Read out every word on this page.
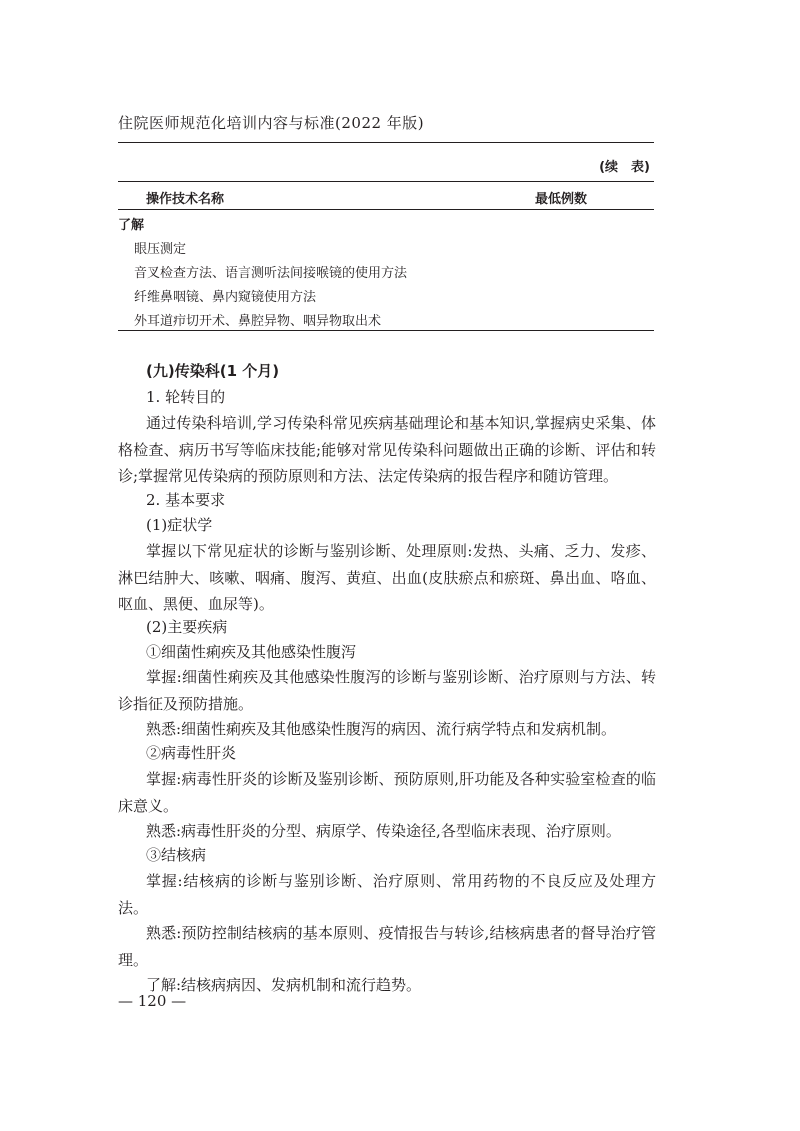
住院医师规范化培训内容与标准(2022 年版)
(续　表)
操作技术名称	最低例数
了解
眼压测定
音叉检查方法、语言测听法间接喉镜的使用方法
纤维鼻咽镜、鼻内窥镜使用方法
外耳道疖切开术、鼻腔异物、咽异物取出术
(九)传染科(1 个月)
1. 轮转目的
通过传染科培训,学习传染科常见疾病基础理论和基本知识,掌握病史采集、体格检查、病历书写等临床技能;能够对常见传染科问题做出正确的诊断、评估和转诊;掌握常见传染病的预防原则和方法、法定传染病的报告程序和随访管理。
2. 基本要求
(1)症状学
掌握以下常见症状的诊断与鉴别诊断、处理原则:发热、头痛、乏力、发疹、淋巴结肿大、咳嗽、咽痛、腹泻、黄疸、出血(皮肤瘀点和瘀斑、鼻出血、咯血、呕血、黑便、血尿等)。
(2)主要疾病
①细菌性痢疾及其他感染性腹泻
掌握:细菌性痢疾及其他感染性腹泻的诊断与鉴别诊断、治疗原则与方法、转诊指征及预防措施。
熟悉:细菌性痢疾及其他感染性腹泻的病因、流行病学特点和发病机制。
②病毒性肝炎
掌握:病毒性肝炎的诊断及鉴别诊断、预防原则,肝功能及各种实验室检查的临床意义。
熟悉:病毒性肝炎的分型、病原学、传染途径,各型临床表现、治疗原则。
③结核病
掌握:结核病的诊断与鉴别诊断、治疗原则、常用药物的不良反应及处理方法。
熟悉:预防控制结核病的基本原则、疫情报告与转诊,结核病患者的督导治疗管理。
了解:结核病病因、发病机制和流行趋势。
— 120 —
